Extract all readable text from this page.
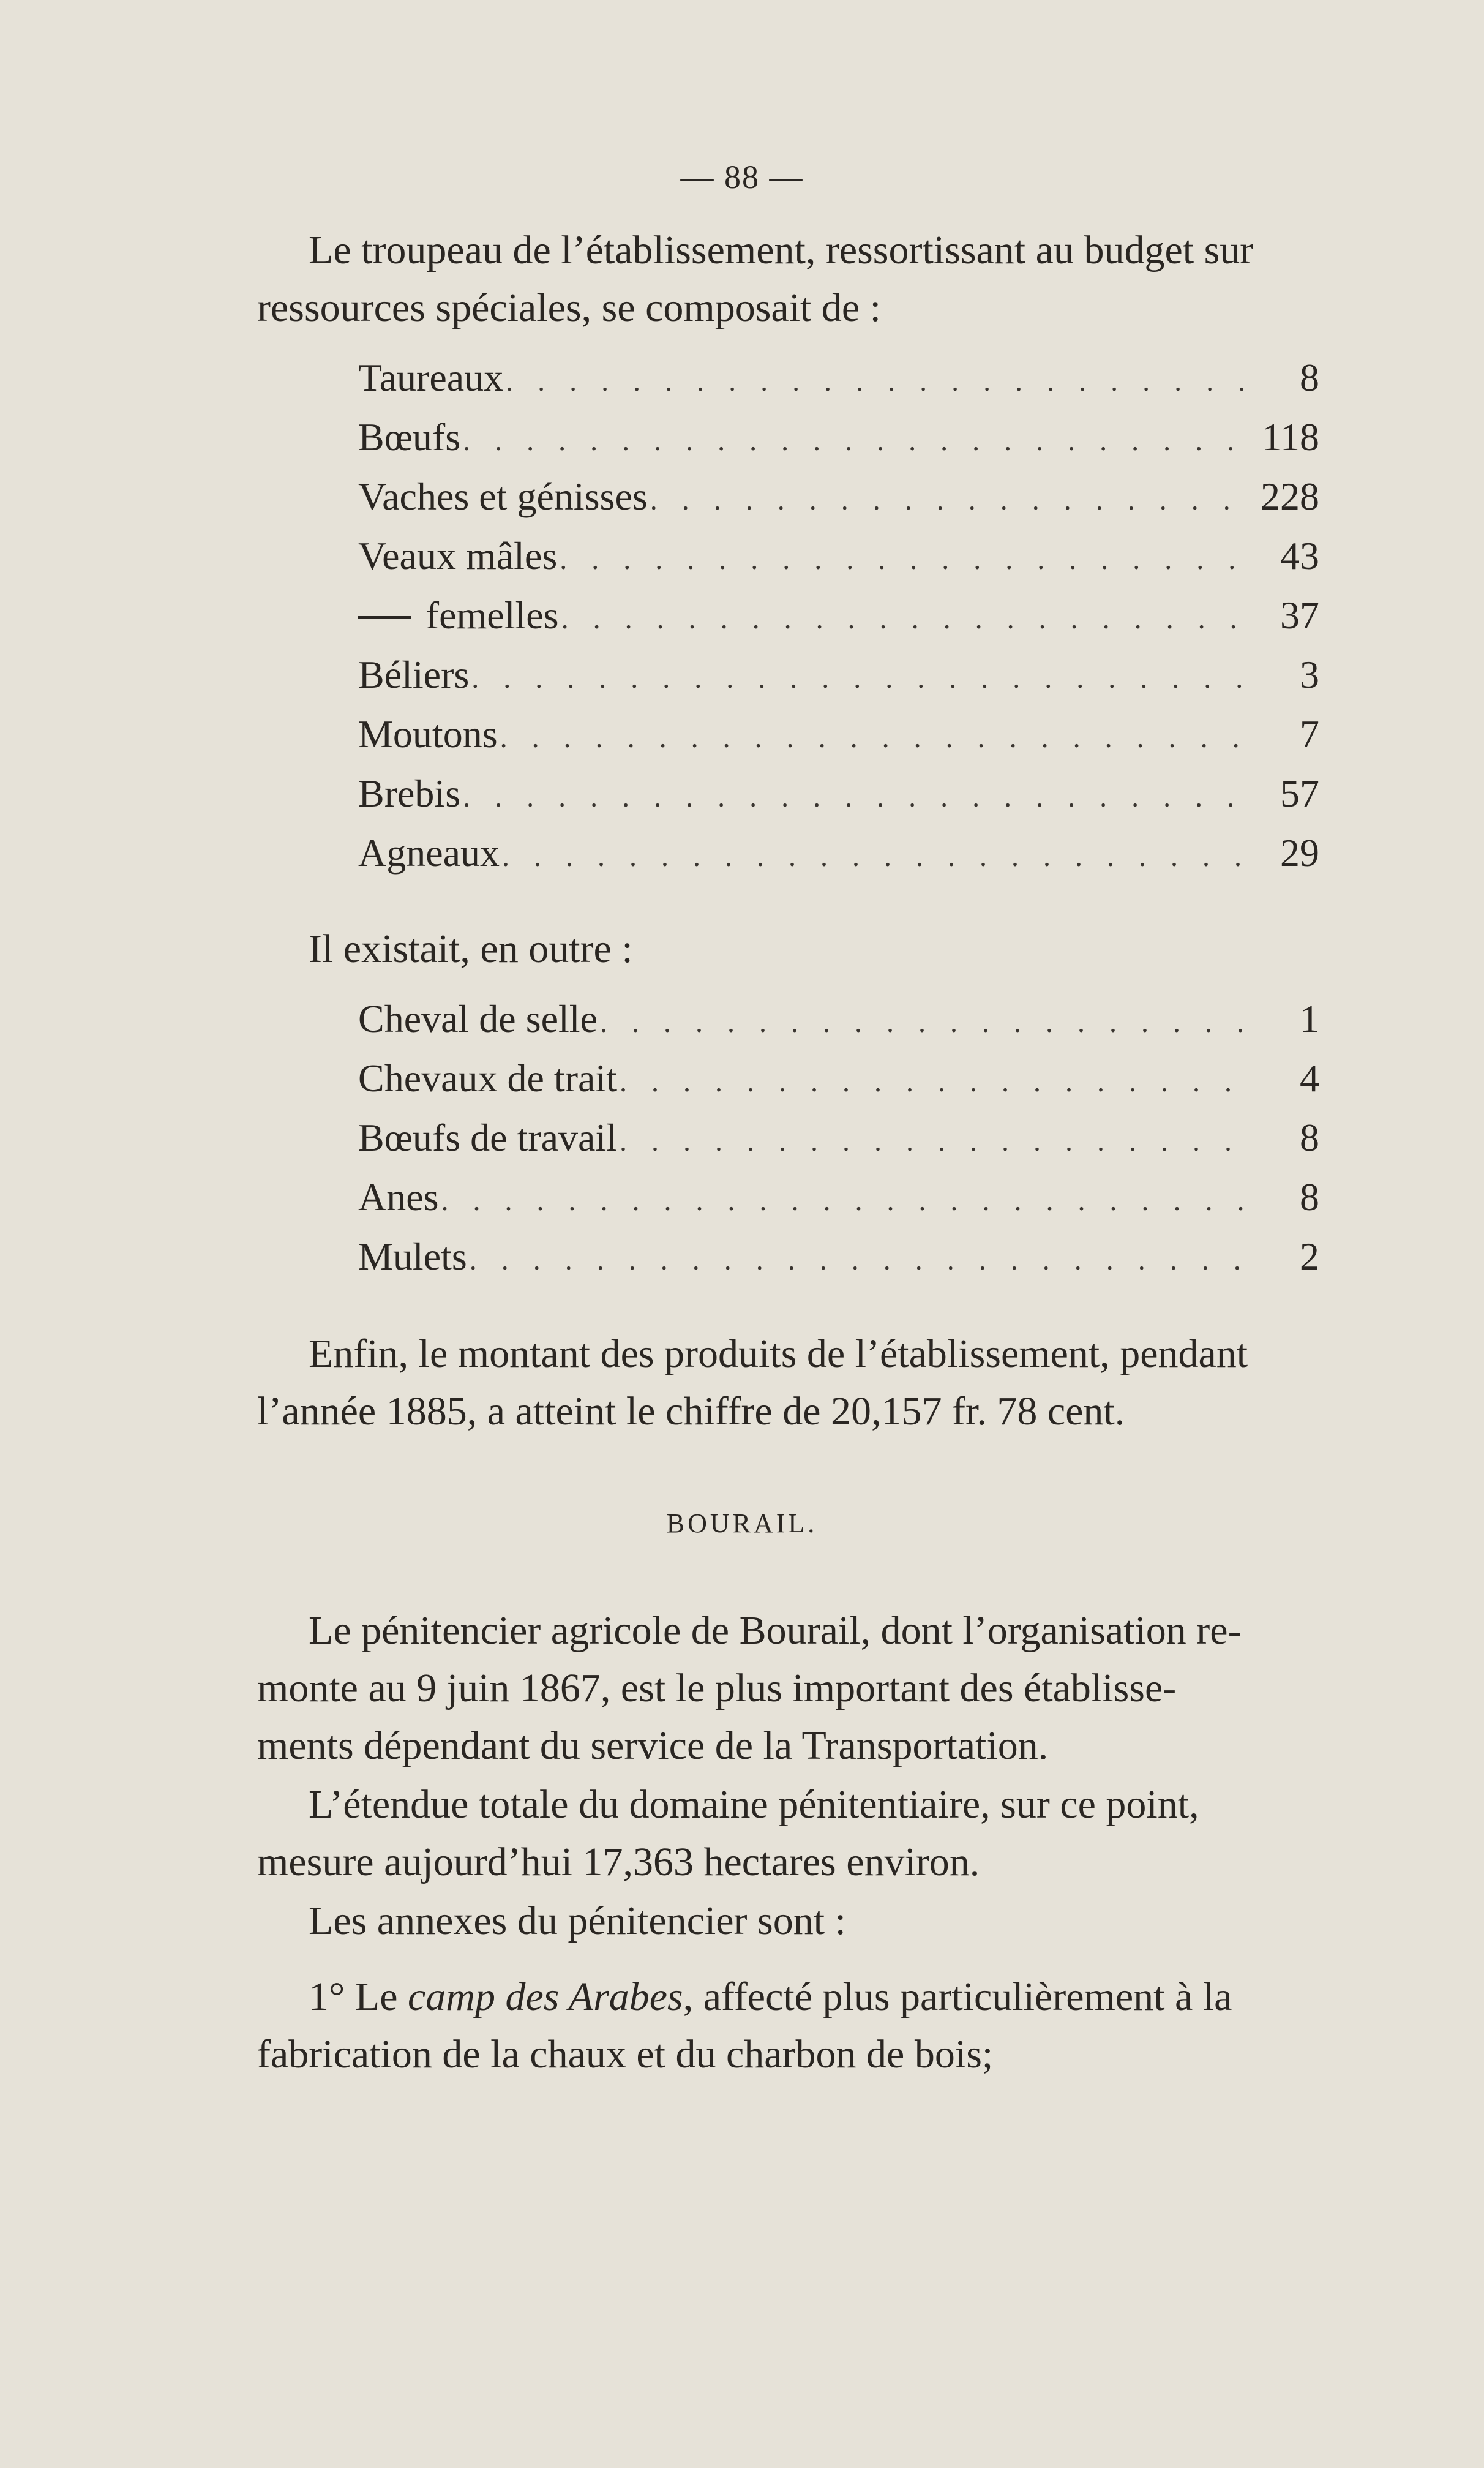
— 88 —

Le troupeau de l’établissement, ressortissant au budget sur
ressources spéciales, se composait de :

Taureaux . . .	8
Bœufs . . .	118
Vaches et génisses . . .	228
Veaux mâles . . .	43
femelles . . .	37
Béliers . . .	3
Moutons . . .	7
Brebis . . .	57
Agneaux . . .	29
Il existait, en outre :
Cheval de selle . . .	1
Chevaux de trait . . .	4
Bœufs de travail . . .	8
Anes . . .	8
Mulets . . .	2

Enfin, le montant des produits de l’établissement, pendant
l’année 1885, a atteint le chiffre de 20,157 fr. 78 cent.

BOURAIL.

Le pénitencier agricole de Bourail, dont l’organisation re-
monte au 9 juin 1867, est le plus important des établisse-
ments dépendant du service de la Transportation.

L’étendue totale du domaine pénitentiaire, sur ce point,
mesure aujourd’hui 17,363 hectares environ.

Les annexes du pénitencier sont :

1° Le camp des Arabes, affecté plus particulièrement à la
fabrication de la chaux et du charbon de bois;
